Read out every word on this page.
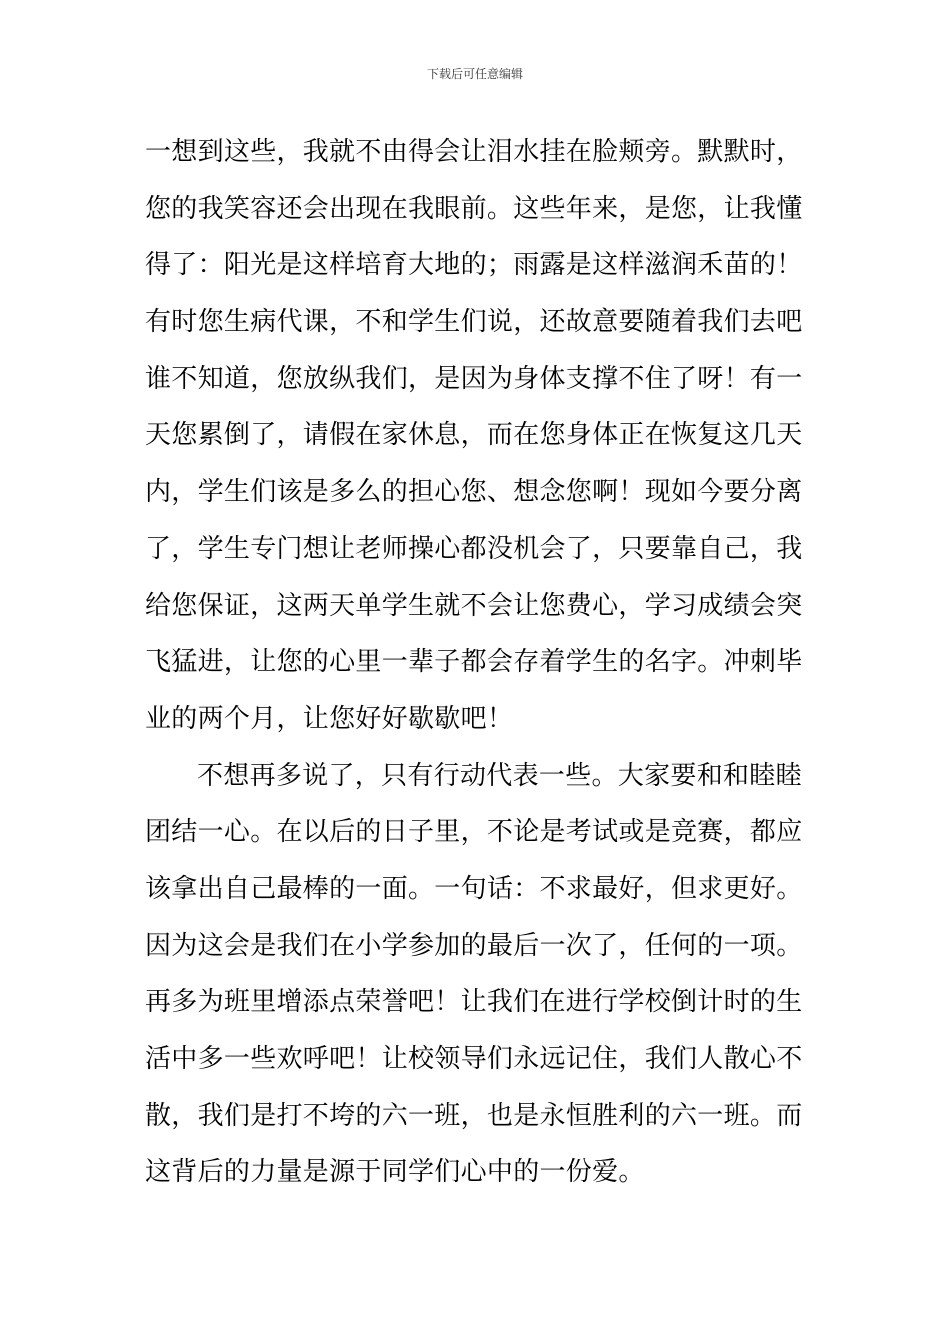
下载后可任意编辑
一想到这些，我就不由得会让泪水挂在脸颊旁。默默时，
您的我笑容还会出现在我眼前。这些年来，是您，让我懂
得了：阳光是这样培育大地的；雨露是这样滋润禾苗的！
有时您生病代课，不和学生们说，还故意要随着我们去吧
谁不知道，您放纵我们，是因为身体支撑不住了呀！有一
天您累倒了，请假在家休息，而在您身体正在恢复这几天
内，学生们该是多么的担心您、想念您啊！现如今要分离
了，学生专门想让老师操心都没机会了，只要靠自己，我
给您保证，这两天单学生就不会让您费心，学习成绩会突
飞猛进，让您的心里一辈子都会存着学生的名字。冲刺毕
业的两个月，让您好好歇歇吧！
不想再多说了，只有行动代表一些。大家要和和睦睦
团结一心。在以后的日子里，不论是考试或是竞赛，都应
该拿出自己最棒的一面。一句话：不求最好，但求更好。
因为这会是我们在小学参加的最后一次了，任何的一项。
再多为班里增添点荣誉吧！让我们在进行学校倒计时的生
活中多一些欢呼吧！让校领导们永远记住，我们人散心不
散，我们是打不垮的六一班，也是永恒胜利的六一班。而
这背后的力量是源于同学们心中的一份爱。
